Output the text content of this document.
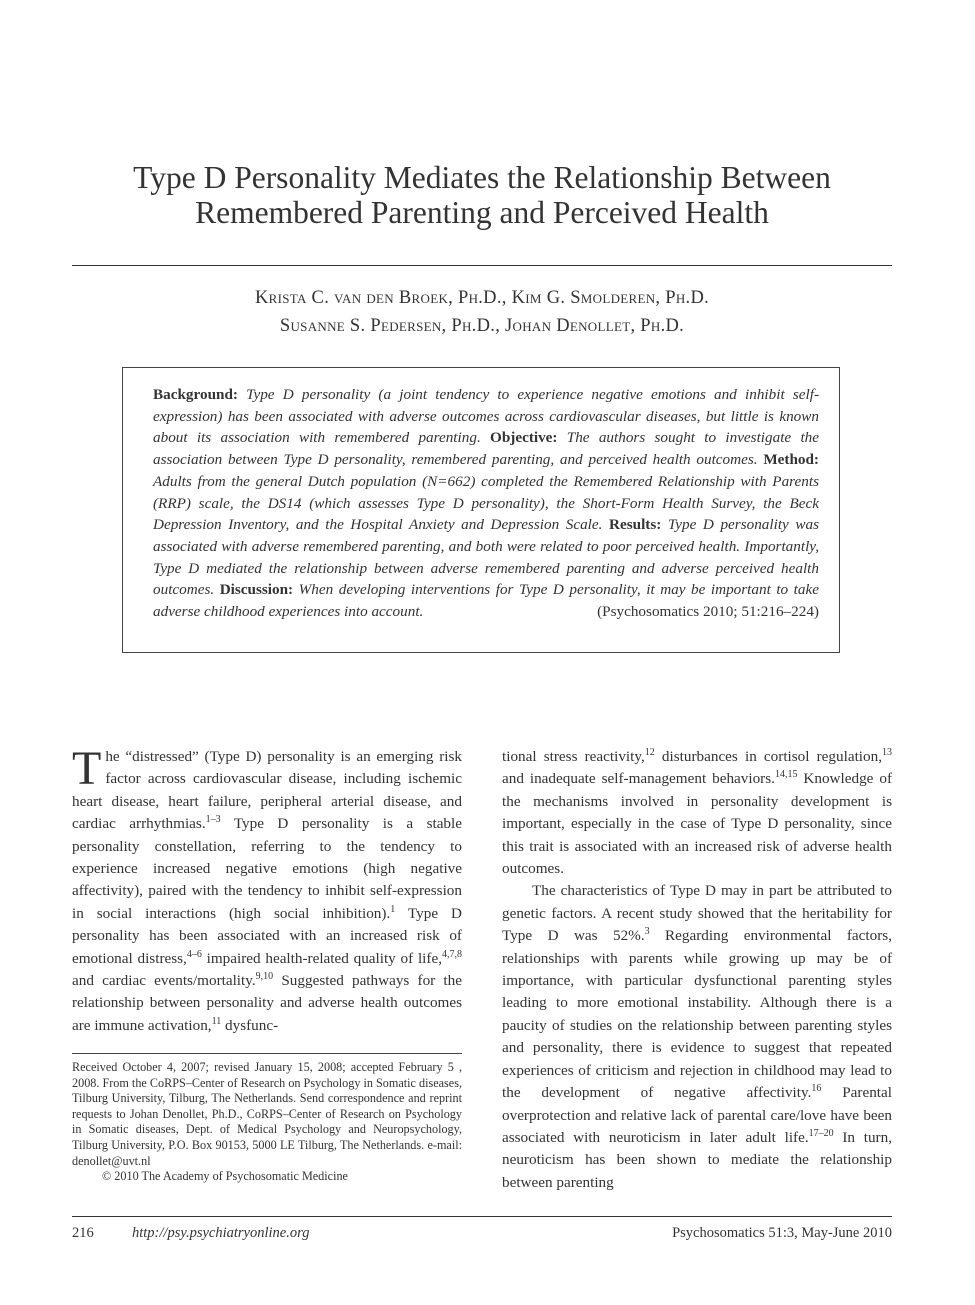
Type D Personality Mediates the Relationship Between
Remembered Parenting and Perceived Health
Krista C. van den Broek, Ph.D., Kim G. Smolderen, Ph.D.
Susanne S. Pedersen, Ph.D., Johan Denollet, Ph.D.
Background: Type D personality (a joint tendency to experience negative emotions and inhibit self-expression) has been associated with adverse outcomes across cardiovascular diseases, but little is known about its association with remembered parenting. Objective: The authors sought to investigate the association between Type D personality, remembered parenting, and perceived health outcomes. Method: Adults from the general Dutch population (N=662) completed the Remembered Relationship with Parents (RRP) scale, the DS14 (which assesses Type D personality), the Short-Form Health Survey, the Beck Depression Inventory, and the Hospital Anxiety and Depression Scale. Results: Type D personality was associated with adverse remembered parenting, and both were related to poor perceived health. Importantly, Type D mediated the relationship between adverse remembered parenting and adverse perceived health outcomes. Discussion: When developing interventions for Type D personality, it may be important to take adverse childhood experiences into account.	(Psychosomatics 2010; 51:216–224)

The “distressed” (Type D) personality is an emerging risk factor across cardiovascular disease, including ischemic heart disease, heart failure, peripheral arterial disease, and cardiac arrhythmias.$^{1-3}$ Type D personality is a stable personality constellation, referring to the tendency to experience increased negative emotions (high negative affectivity), paired with the tendency to inhibit self-expression in social interactions (high social inhibition).$^1$ Type D personality has been associated with an increased risk of emotional distress,$^{4-6}$ impaired health-related quality of life,$^{4,7,8}$ and cardiac events/mortality.$^{9,10}$ Suggested pathways for the relationship between personality and adverse health outcomes are immune activation,$^{11}$ dysfunc-

Received October 4, 2007; revised January 15, 2008; accepted February 5 , 2008. From the CoRPS–Center of Research on Psychology in Somatic diseases, Tilburg University, Tilburg, The Netherlands. Send correspondence and reprint requests to Johan Denollet, Ph.D., CoRPS–Center of Research on Psychology in Somatic diseases, Dept. of Medical Psychology and Neuropsychology, Tilburg University, P.O. Box 90153, 5000 LE Tilburg, The Netherlands. e-mail: denollet@uvt.nl

© 2010 The Academy of Psychosomatic Medicine

tional stress reactivity,$^{12}$ disturbances in cortisol regulation,$^{13}$ and inadequate self-management behaviors.$^{14,15}$ Knowledge of the mechanisms involved in personality development is important, especially in the case of Type D personality, since this trait is associated with an increased risk of adverse health outcomes.

The characteristics of Type D may in part be attributed to genetic factors. A recent study showed that the heritability for Type D was 52%.$^3$ Regarding environmental factors, relationships with parents while growing up may be of importance, with particular dysfunctional parenting styles leading to more emotional instability. Although there is a paucity of studies on the relationship between parenting styles and personality, there is evidence to suggest that repeated experiences of criticism and rejection in childhood may lead to the development of negative affectivity.$^{16}$ Parental overprotection and relative lack of parental care/love have been associated with neuroticism in later adult life.$^{17-20}$ In turn, neuroticism has been shown to mediate the relationship between parenting

216	http://psy.psychiatryonline.org	Psychosomatics 51:3, May-June 2010
